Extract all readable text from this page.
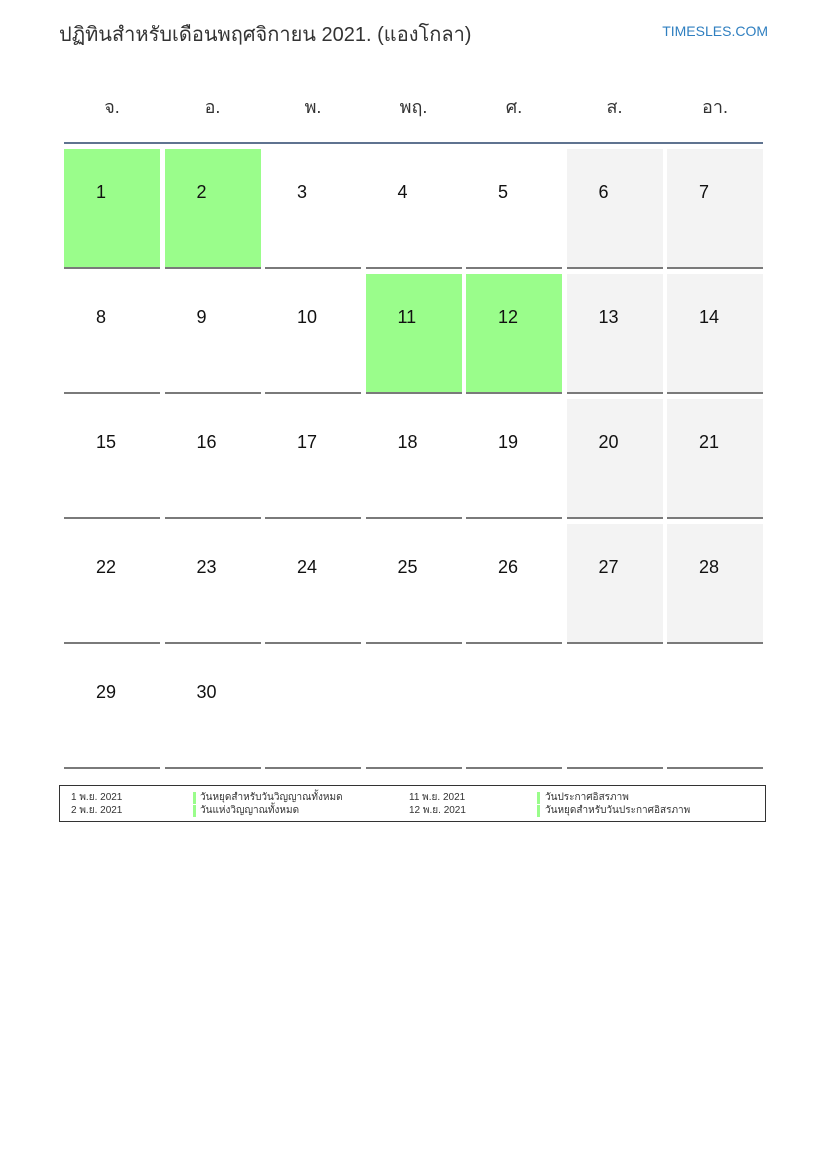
ปฏิทินสำหรับเดือนพฤศจิกายน 2021. (แองโกลา)	TIMESLES.COM
จ.	อ.	พ.	พฤ.	ศ.	ส.	อา.
1	2	3	4	5	6	7
8	9	10	11	12	13	14
15	16	17	18	19	20	21
22	23	24	25	26	27	28
29	30
1 พ.ย. 2021	วันหยุดสำหรับวันวิญญาณทั้งหมด
2 พ.ย. 2021	วันแห่งวิญญาณทั้งหมด
11 พ.ย. 2021	วันประกาศอิสรภาพ
12 พ.ย. 2021	วันหยุดสำหรับวันประกาศอิสรภาพ
